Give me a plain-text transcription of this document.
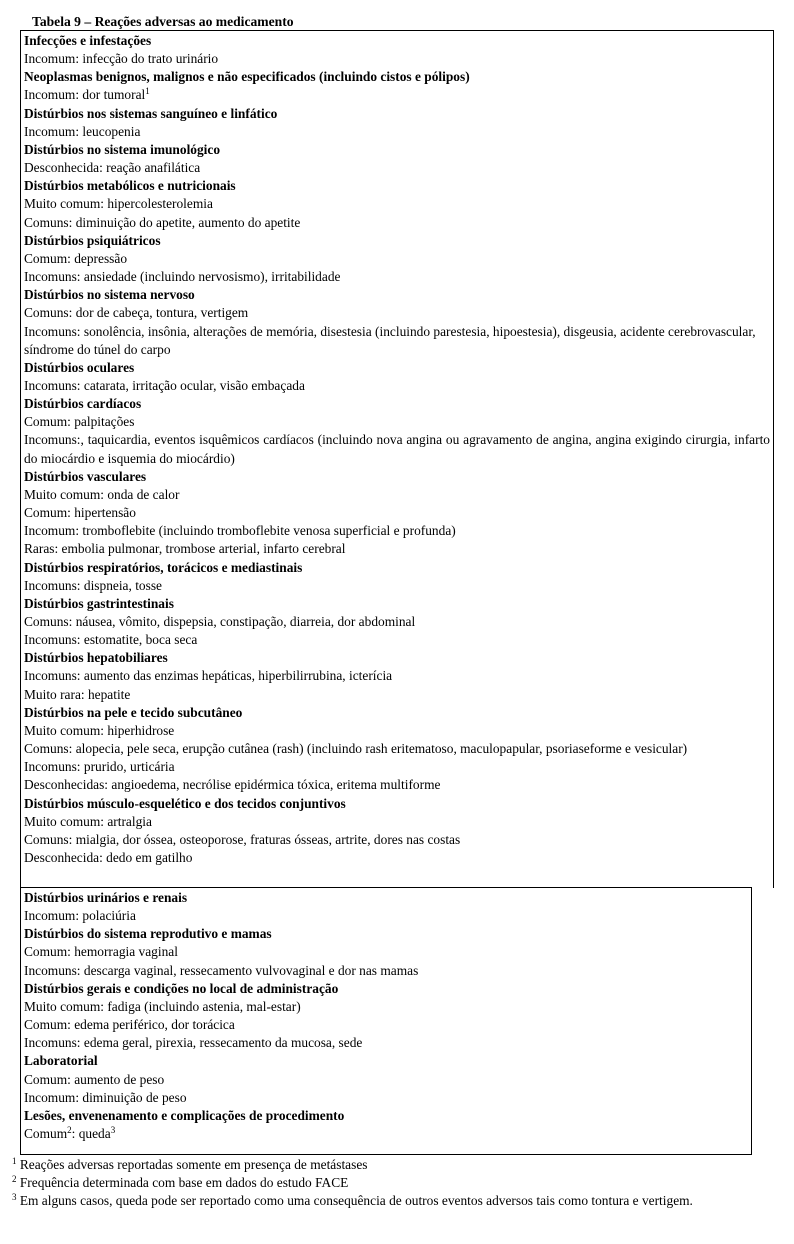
Tabela 9 – Reações adversas ao medicamento
Infecções e infestações
Incomum: infecção do trato urinário
Neoplasmas benignos, malignos e não especificados (incluindo cistos e pólipos)
Incomum: dor tumoral$^1$
Distúrbios nos sistemas sanguíneo e linfático
Incomum: leucopenia
Distúrbios no sistema imunológico
Desconhecida: reação anafilática
Distúrbios metabólicos e nutricionais
Muito comum: hipercolesterolemia
Comuns: diminuição do apetite, aumento do apetite
Distúrbios psiquiátricos
Comum: depressão
Incomuns: ansiedade (incluindo nervosismo), irritabilidade
Distúrbios no sistema nervoso
Comuns: dor de cabeça, tontura, vertigem
Incomuns: sonolência, insônia, alterações de memória, disestesia (incluindo parestesia, hipoestesia), disgeusia, acidente cerebrovascular, síndrome do túnel do carpo
Distúrbios oculares
Incomuns: catarata, irritação ocular, visão embaçada
Distúrbios cardíacos
Comum: palpitações
Incomuns:, taquicardia, eventos isquêmicos cardíacos (incluindo nova angina ou agravamento de angina, angina exigindo cirurgia, infarto do miocárdio e isquemia do miocárdio)
Distúrbios vasculares
Muito comum: onda de calor
Comum: hipertensão
Incomum: tromboflebite (incluindo tromboflebite venosa superficial e profunda)
Raras: embolia pulmonar, trombose arterial, infarto cerebral
Distúrbios respiratórios, torácicos e mediastinais
Incomuns: dispneia, tosse
Distúrbios gastrintestinais
Comuns: náusea, vômito, dispepsia, constipação, diarreia, dor abdominal
Incomuns: estomatite, boca seca
Distúrbios hepatobiliares
Incomuns: aumento das enzimas hepáticas, hiperbilirrubina, icterícia
Muito rara: hepatite
Distúrbios na pele e tecido subcutâneo
Muito comum: hiperhidrose
Comuns: alopecia, pele seca, erupção cutânea (rash) (incluindo rash eritematoso, maculopapular, psoriaseforme e vesicular)
Incomuns: prurido, urticária
Desconhecidas: angioedema, necrólise epidérmica tóxica, eritema multiforme
Distúrbios músculo-esquelético e dos tecidos conjuntivos
Muito comum: artralgia
Comuns: mialgia, dor óssea, osteoporose, fraturas ósseas, artrite, dores nas costas
Desconhecida: dedo em gatilho
Distúrbios urinários e renais
Incomum: polaciúria
Distúrbios do sistema reprodutivo e mamas
Comum: hemorragia vaginal
Incomuns: descarga vaginal, ressecamento vulvovaginal e dor nas mamas
Distúrbios gerais e condições no local de administração
Muito comum: fadiga (incluindo astenia, mal-estar)
Comum: edema periférico, dor torácica
Incomuns: edema geral, pirexia, ressecamento da mucosa, sede
Laboratorial
Comum: aumento de peso
Incomum: diminuição de peso
Lesões, envenenamento e complicações de procedimento
Comum$^2$: queda$^3$
$^1$ Reações adversas reportadas somente em presença de metástases
$^2$ Frequência determinada com base em dados do estudo FACE
$^3$ Em alguns casos, queda pode ser reportado como uma consequência de outros eventos adversos tais como tontura e vertigem.
